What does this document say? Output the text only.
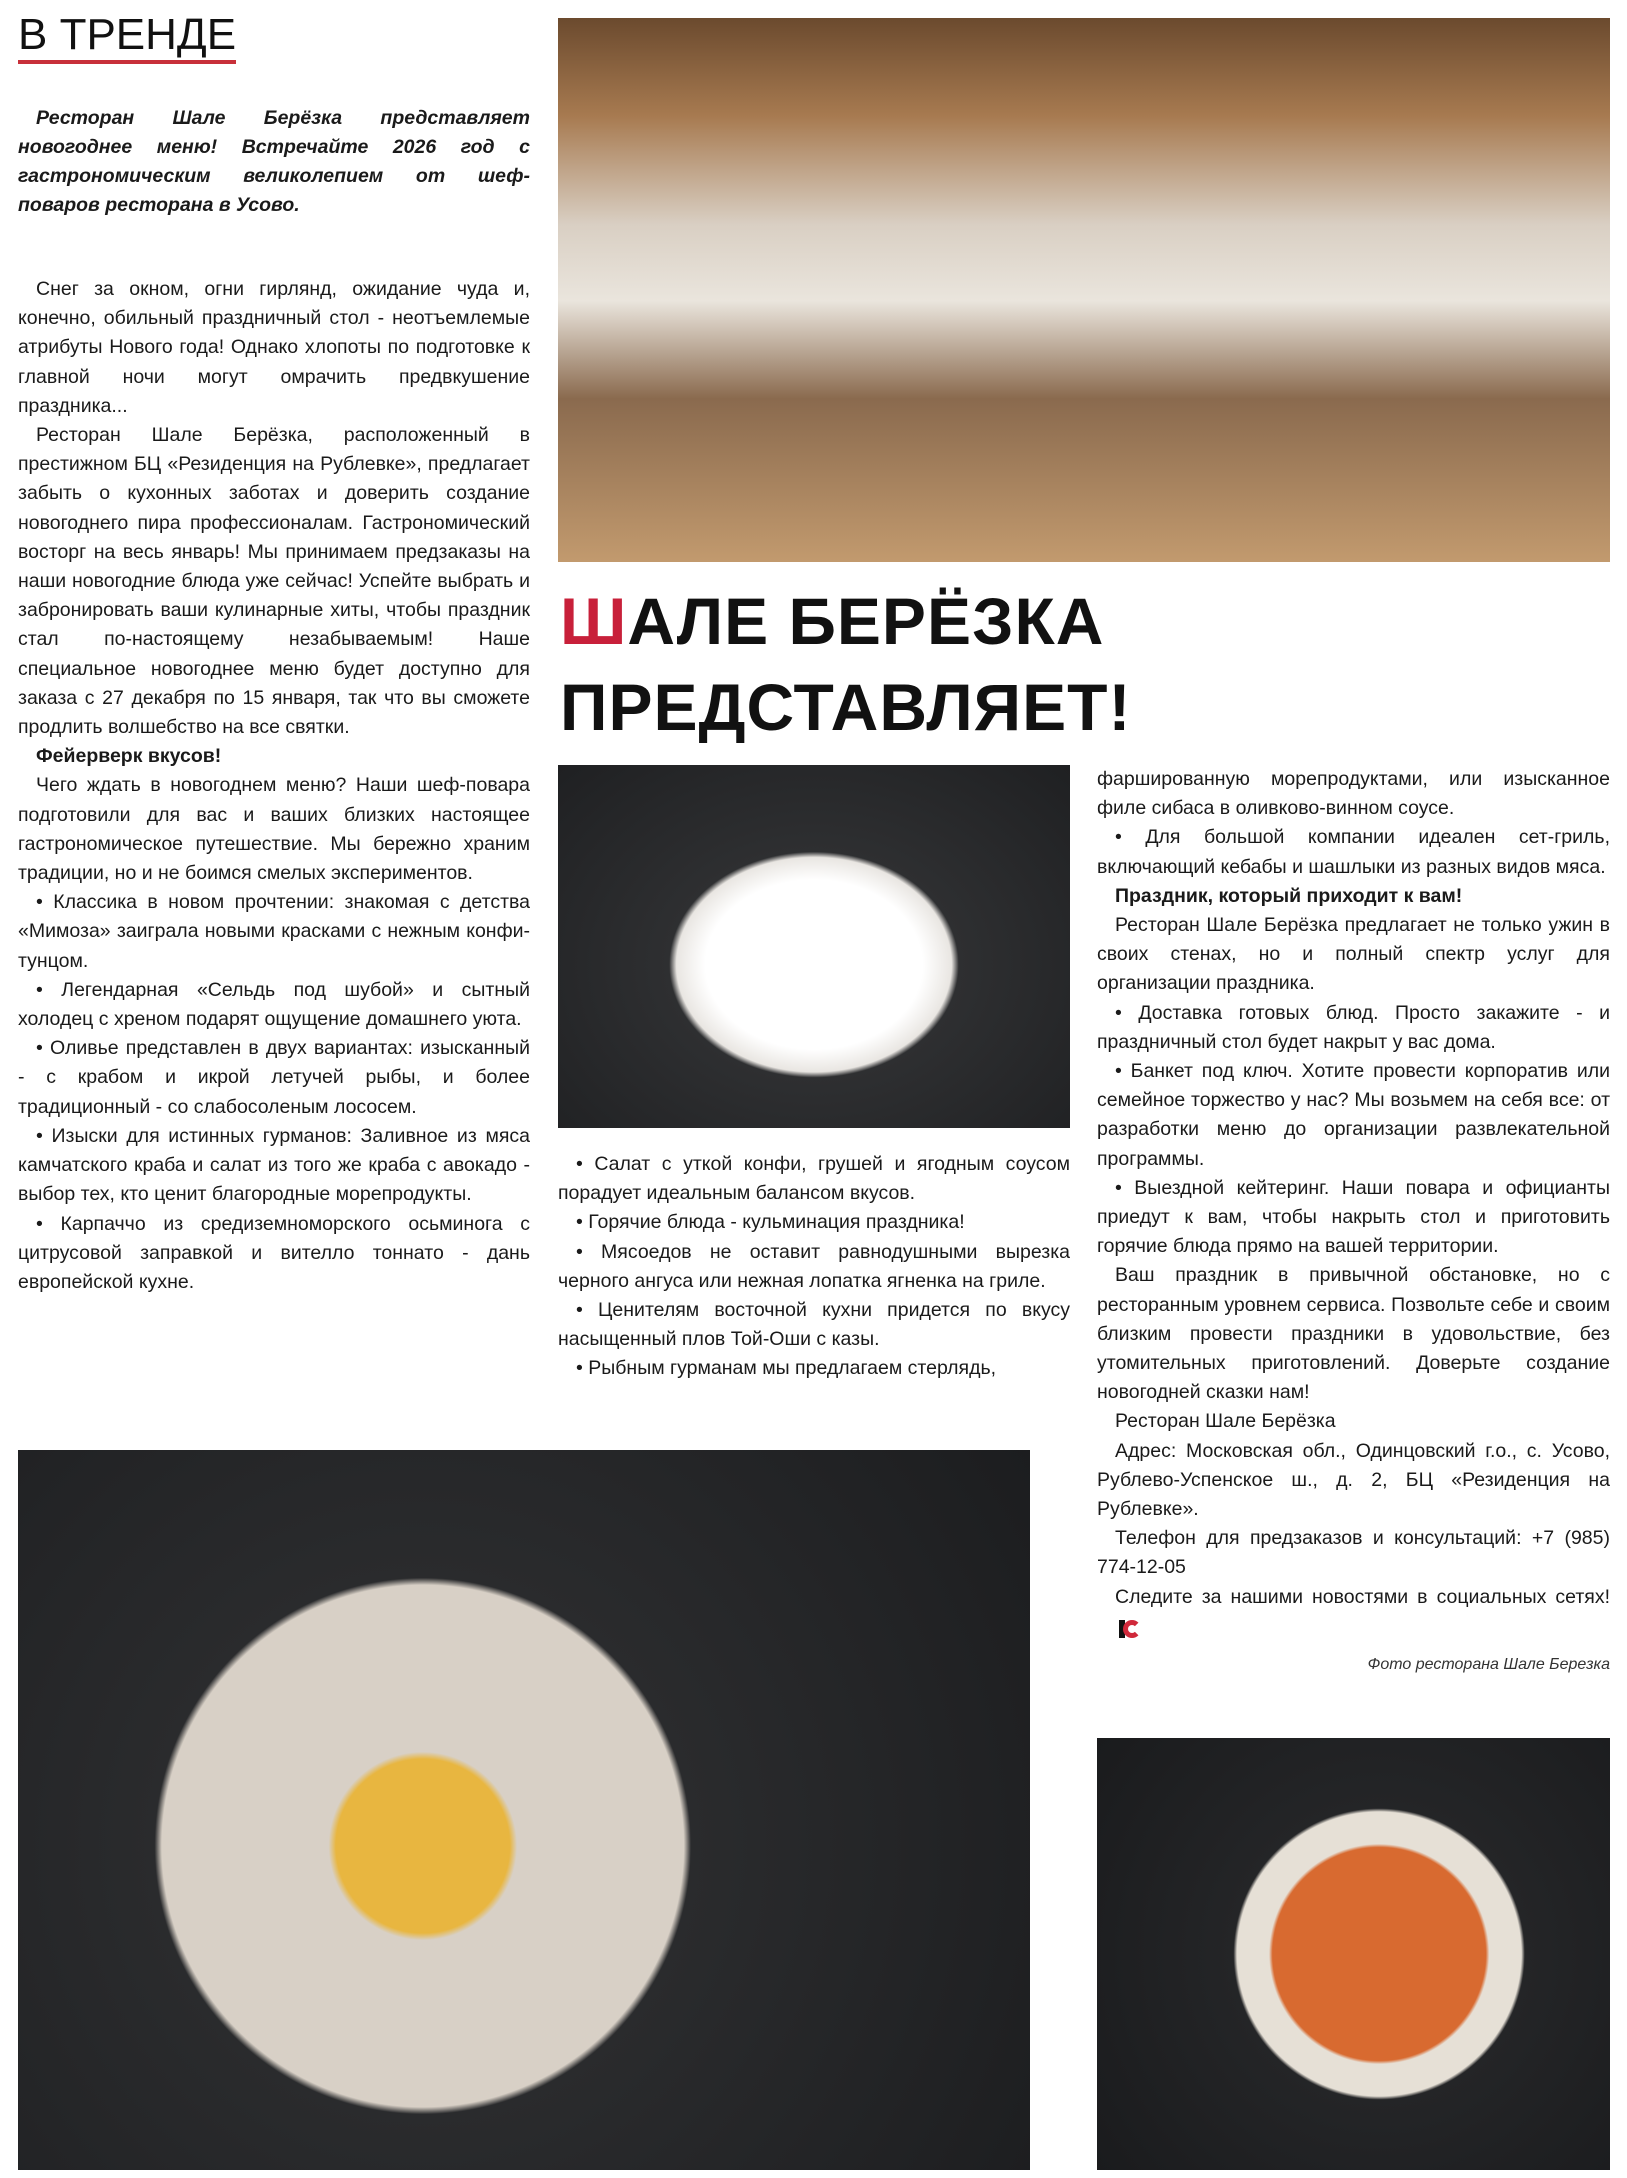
В ТРЕНДЕ
Ресторан Шале Берёзка представляет новогоднее меню! Встречайте 2026 год с гастрономическим великолепием от шеф-поваров ресторана в Усово.
ШАЛЕ БЕРЁЗКА
ПРЕДСТАВЛЯЕТ!

Снег за окном, огни гирлянд, ожидание чуда и, конечно, обильный праздничный стол - неотъемлемые атрибуты Нового года! Однако хлопоты по подготовке к главной ночи могут омрачить предвкушение праздника...

Ресторан Шале Берёзка, расположенный в престижном БЦ «Резиденция на Рублевке», предлагает забыть о кухонных заботах и доверить создание новогоднего пира профессионалам. Гастрономический восторг на весь январь! Мы принимаем предзаказы на наши новогодние блюда уже сейчас! Успейте выбрать и забронировать ваши кулинарные хиты, чтобы праздник стал по-настоящему незабываемым! Наше специальное новогоднее меню будет доступно для заказа с 27 декабря по 15 января, так что вы сможете продлить волшебство на все святки.

Фейерверк вкусов!

Чего ждать в новогоднем меню? Наши шеф-повара подготовили для вас и ваших близких настоящее гастрономическое путешествие. Мы бережно храним традиции, но и не боимся смелых экспериментов.

• Классика в новом прочтении: знакомая с детства «Мимоза» заиграла новыми красками с нежным конфи-тунцом.

• Легендарная «Сельдь под шубой» и сытный холодец с хреном подарят ощущение домашнего уюта.

• Оливье представлен в двух вариантах: изысканный - с крабом и икрой летучей рыбы, и более традиционный - со слабосоленым лососем.

• Изыски для истинных гурманов: Заливное из мяса камчатского краба и салат из того же краба с авокадо - выбор тех, кто ценит благородные морепродукты.

• Карпаччо из средиземноморского осьминога с цитрусовой заправкой и вителло тоннато - дань европейской кухне.

• Салат с уткой конфи, грушей и ягодным соусом порадует идеальным балансом вкусов.

• Горячие блюда - кульминация праздника!

• Мясоедов не оставит равнодушными вырезка черного ангуса или нежная лопатка ягненка на гриле.

• Ценителям восточной кухни придется по вкусу насыщенный плов Той-Оши с казы.

• Рыбным гурманам мы предлагаем стерлядь,

фаршированную морепродуктами, или изысканное филе сибаса в оливково-винном соусе.

• Для большой компании идеален сет-гриль, включающий кебабы и шашлыки из разных видов мяса.

Праздник, который приходит к вам!

Ресторан Шале Берёзка предлагает не только ужин в своих стенах, но и полный спектр услуг для организации праздника.

• Доставка готовых блюд. Просто закажите - и праздничный стол будет накрыт у вас дома.

• Банкет под ключ. Хотите провести корпоратив или семейное торжество у нас? Мы возьмем на себя все: от разработки меню до организации развлекательной программы.

• Выездной кейтеринг. Наши повара и официанты приедут к вам, чтобы накрыть стол и приготовить горячие блюда прямо на вашей территории.

Ваш праздник в привычной обстановке, но с ресторанным уровнем сервиса. Позвольте себе и своим близким провести праздники в удовольствие, без утомительных приготовлений. Доверьте создание новогодней сказки нам!

Ресторан Шале Берёзка

Адрес: Московская обл., Одинцовский г.о., с. Усово, Рублево-Успенское ш., д. 2, БЦ «Резиденция на Рублевке».

Телефон для предзаказов и консультаций: +7 (985) 774-12-05

Следите за нашими новостями в социальных сетях!

Фото ресторана Шале Березка
